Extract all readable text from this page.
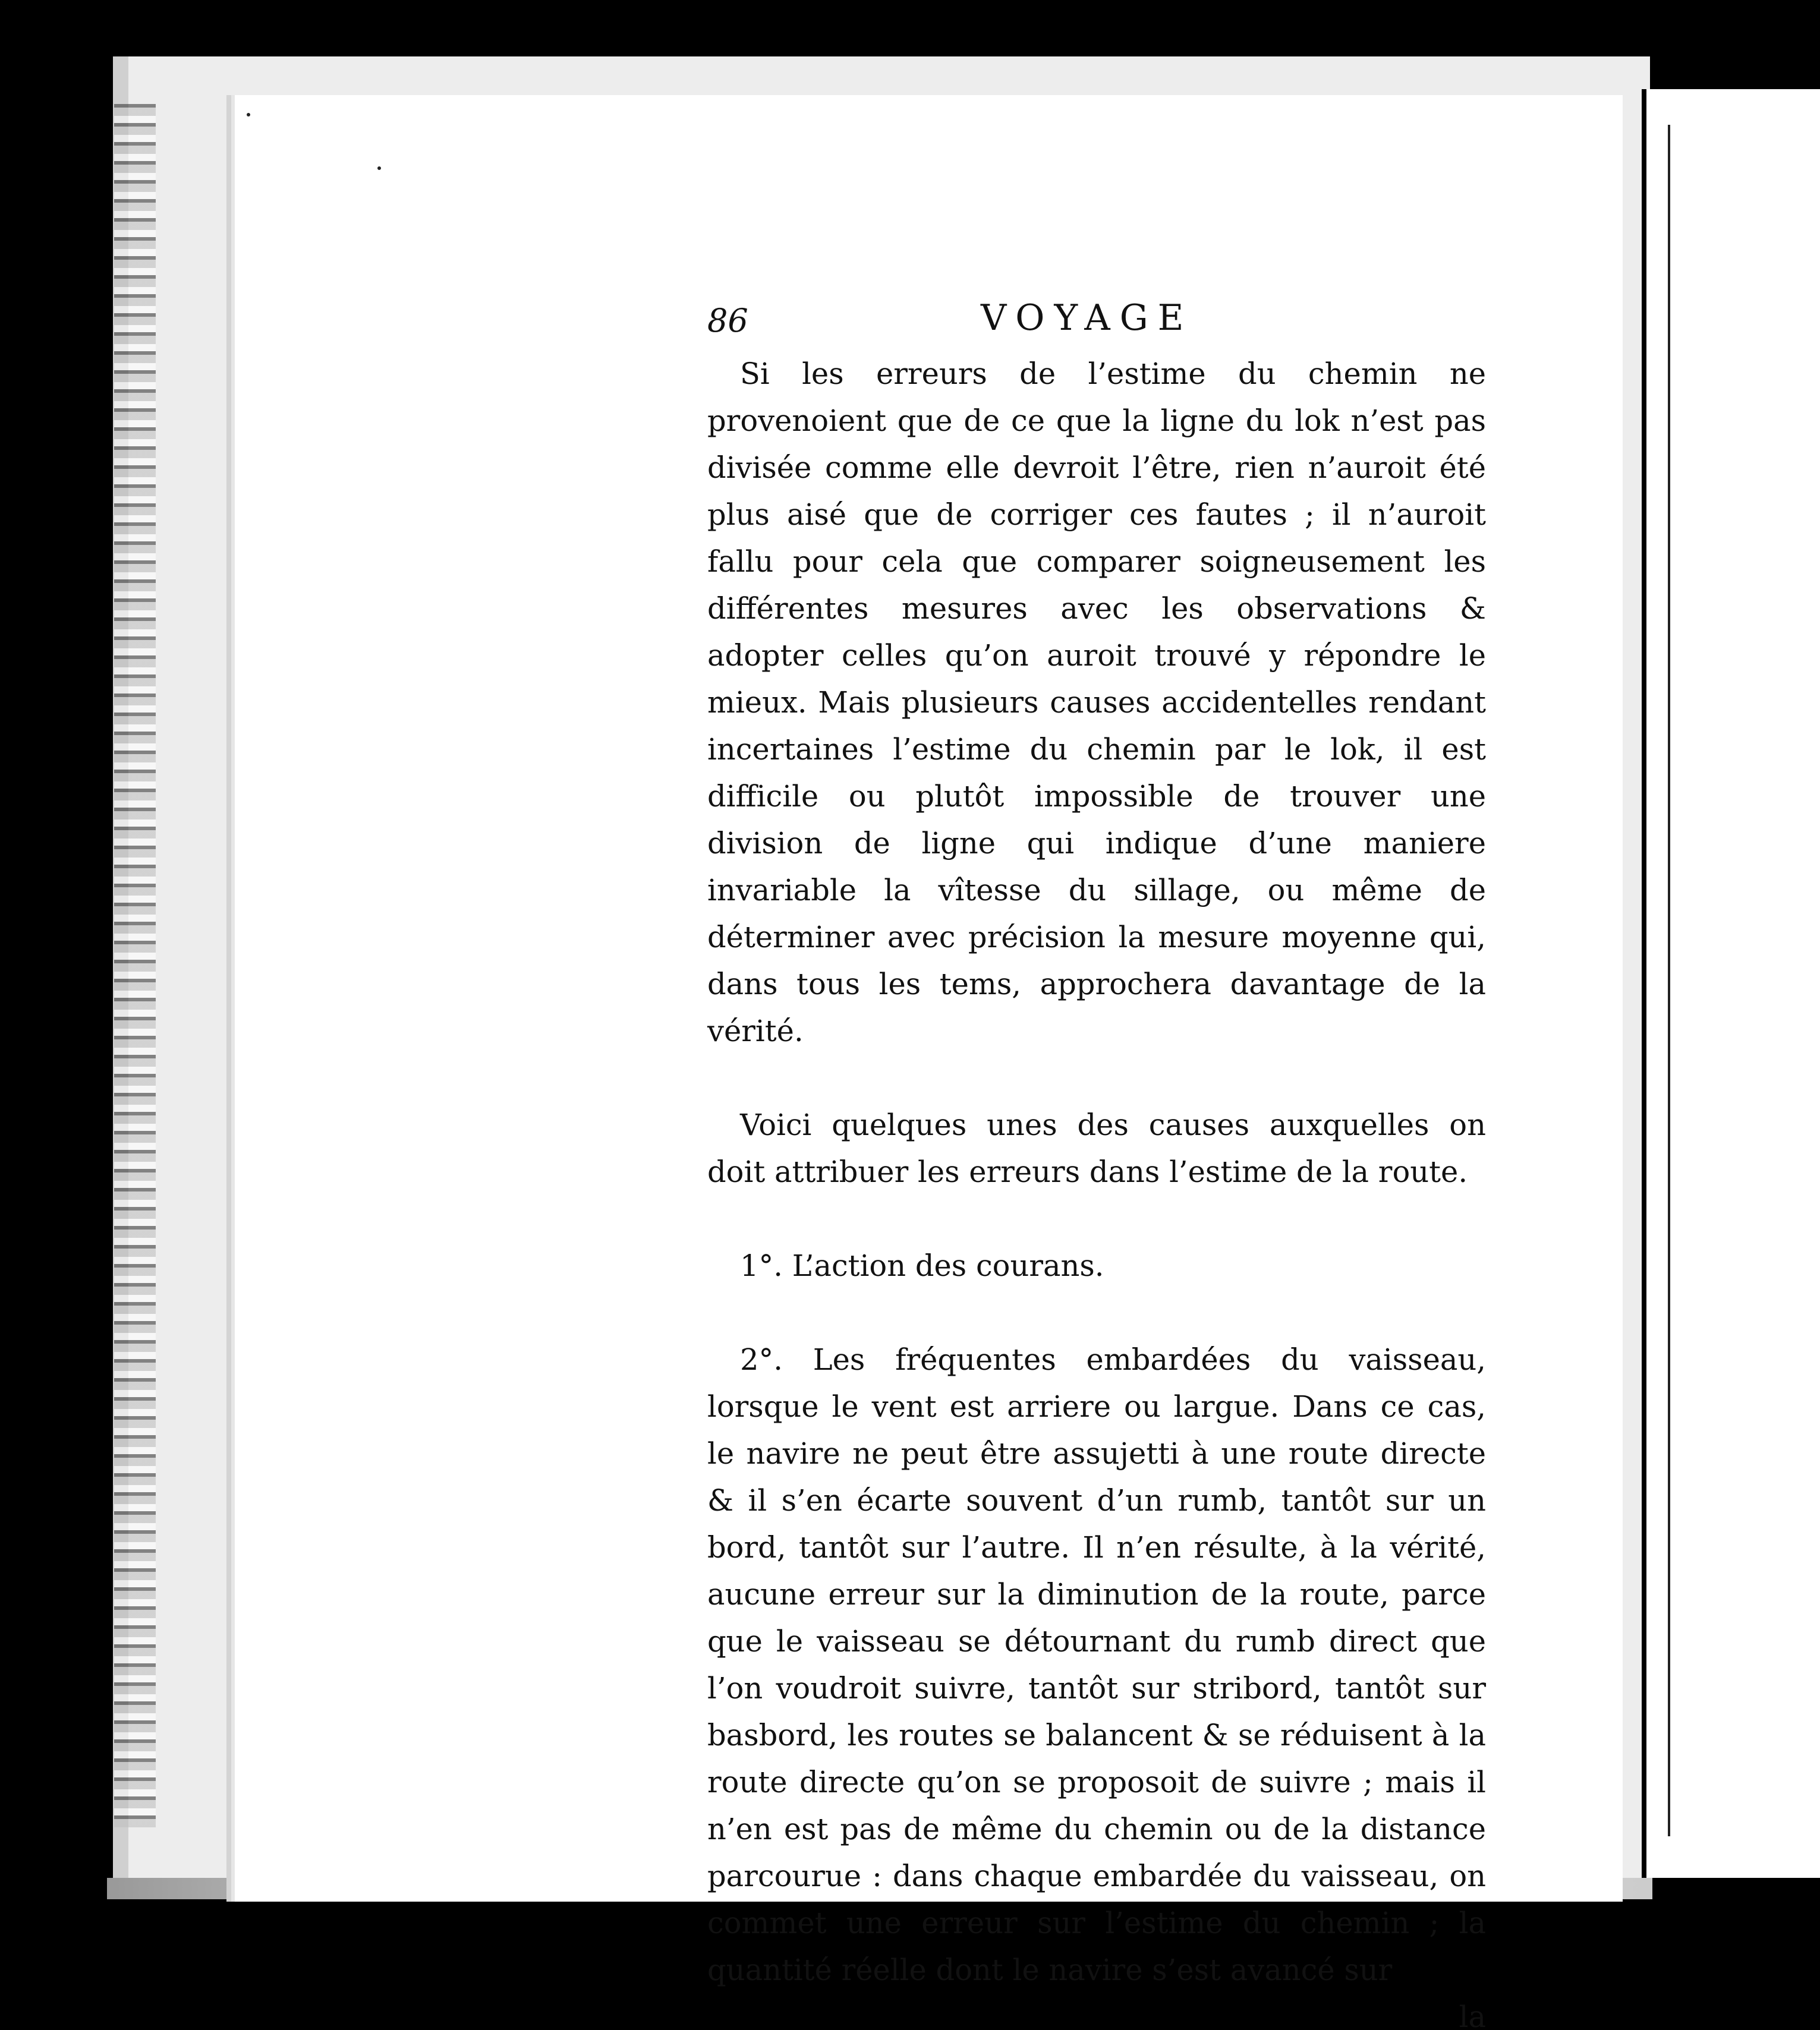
86	VOYAGE

Si les erreurs de l’estime du chemin ne provenoient que de ce que la ligne du lok n’est pas divisée comme elle devroit l’être, rien n’auroit été plus aisé que de corriger ces fautes ; il n’auroit fallu pour cela que comparer soigneusement les différentes mesures avec les observations & adopter celles qu’on auroit trouvé y répondre le mieux. Mais plusieurs causes accidentelles rendant incertaines l’estime du chemin par le lok, il est difficile ou plutôt impossible de trouver une division de ligne qui indique d’une maniere invariable la vîtesse du sillage, ou même de déterminer avec précision la mesure moyenne qui, dans tous les tems, approchera davantage de la vérité.

Voici quelques unes des causes auxquelles on doit attribuer les erreurs dans l’estime de la route.

1°. L’action des courans.

2°. Les fréquentes embardées du vaisseau, lorsque le vent est arriere ou largue. Dans ce cas, le navire ne peut être assujetti à une route directe & il s’en écarte souvent d’un rumb, tantôt sur un bord, tantôt sur l’autre. Il n’en résulte, à la vérité, aucune erreur sur la diminution de la route, parce que le vaisseau se détournant du rumb direct que l’on voudroit suivre, tantôt sur stribord, tantôt sur basbord, les routes se balancent & se réduisent à la route directe qu’on se proposoit de suivre ; mais il n’en est pas de même du chemin ou de la distance parcourue : dans chaque embardée du vaisseau, on commet une erreur sur l’estime du chemin ; la quantité réelle dont le navire s’est avancé sur

la
